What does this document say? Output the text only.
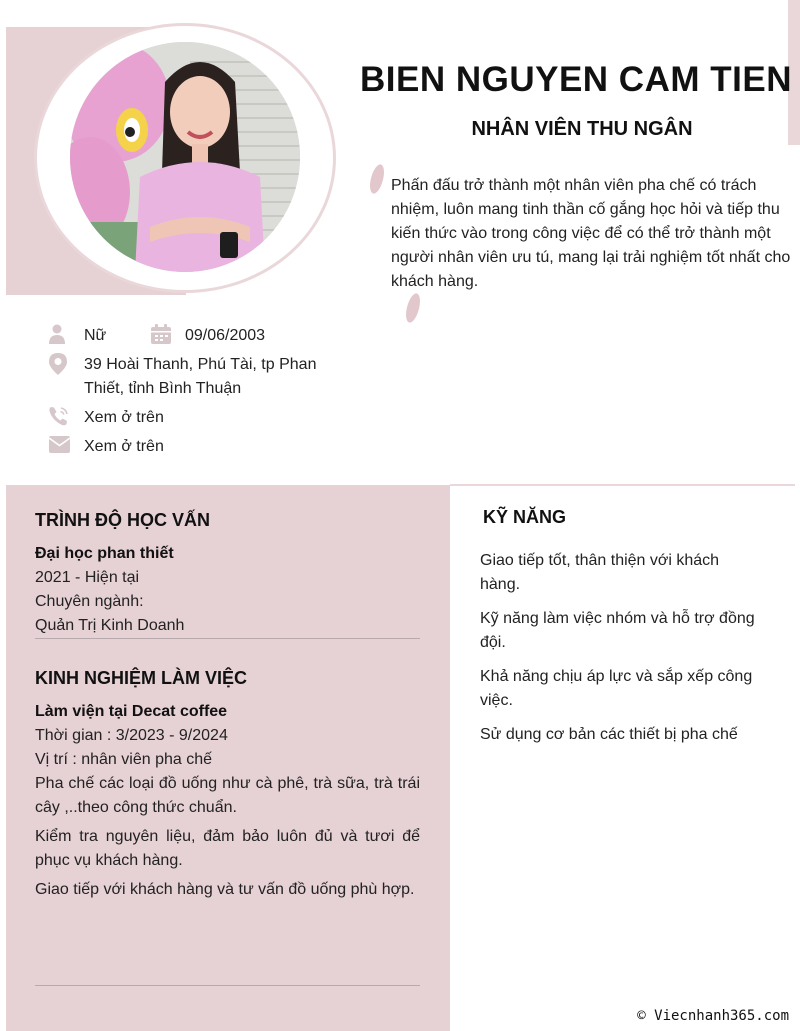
BIEN NGUYEN CAM TIEN
NHÂN VIÊN THU NGÂN
Phấn đấu trở thành một nhân viên pha chế có trách nhiệm, luôn mang tinh thần cố gắng học hỏi và tiếp thu kiến thức vào trong công việc để có thể trở thành một người nhân viên ưu tú, mang lại trải nghiệm tốt nhất cho khách hàng.
Nữ	09/06/2003
39 Hoài Thanh, Phú Tài, tp Phan Thiết, tỉnh Bình Thuận
Xem ở trên
Xem ở trên
TRÌNH ĐỘ HỌC VẤN
Đại học phan thiết
2021 - Hiện tại
Chuyên ngành:
Quản Trị Kinh Doanh
KINH NGHIỆM LÀM VIỆC
Làm viện tại Decat coffee
Thời gian : 3/2023 - 9/2024
Vị trí : nhân viên pha chế
Pha chế các loại đồ uống như cà phê, trà sữa, trà trái cây ,..theo công thức chuẩn.
Kiểm tra nguyên liệu, đảm bảo luôn đủ và tươi để phục vụ khách hàng.
Giao tiếp với khách hàng và tư vấn đồ uống phù hợp.
KỸ NĂNG
Giao tiếp tốt, thân thiện với khách hàng.
Kỹ năng làm việc nhóm và hỗ trợ đồng đội.
Khả năng chịu áp lực và sắp xếp công việc.
Sử dụng cơ bản các thiết bị pha chế
© Viecnhanh365.com
